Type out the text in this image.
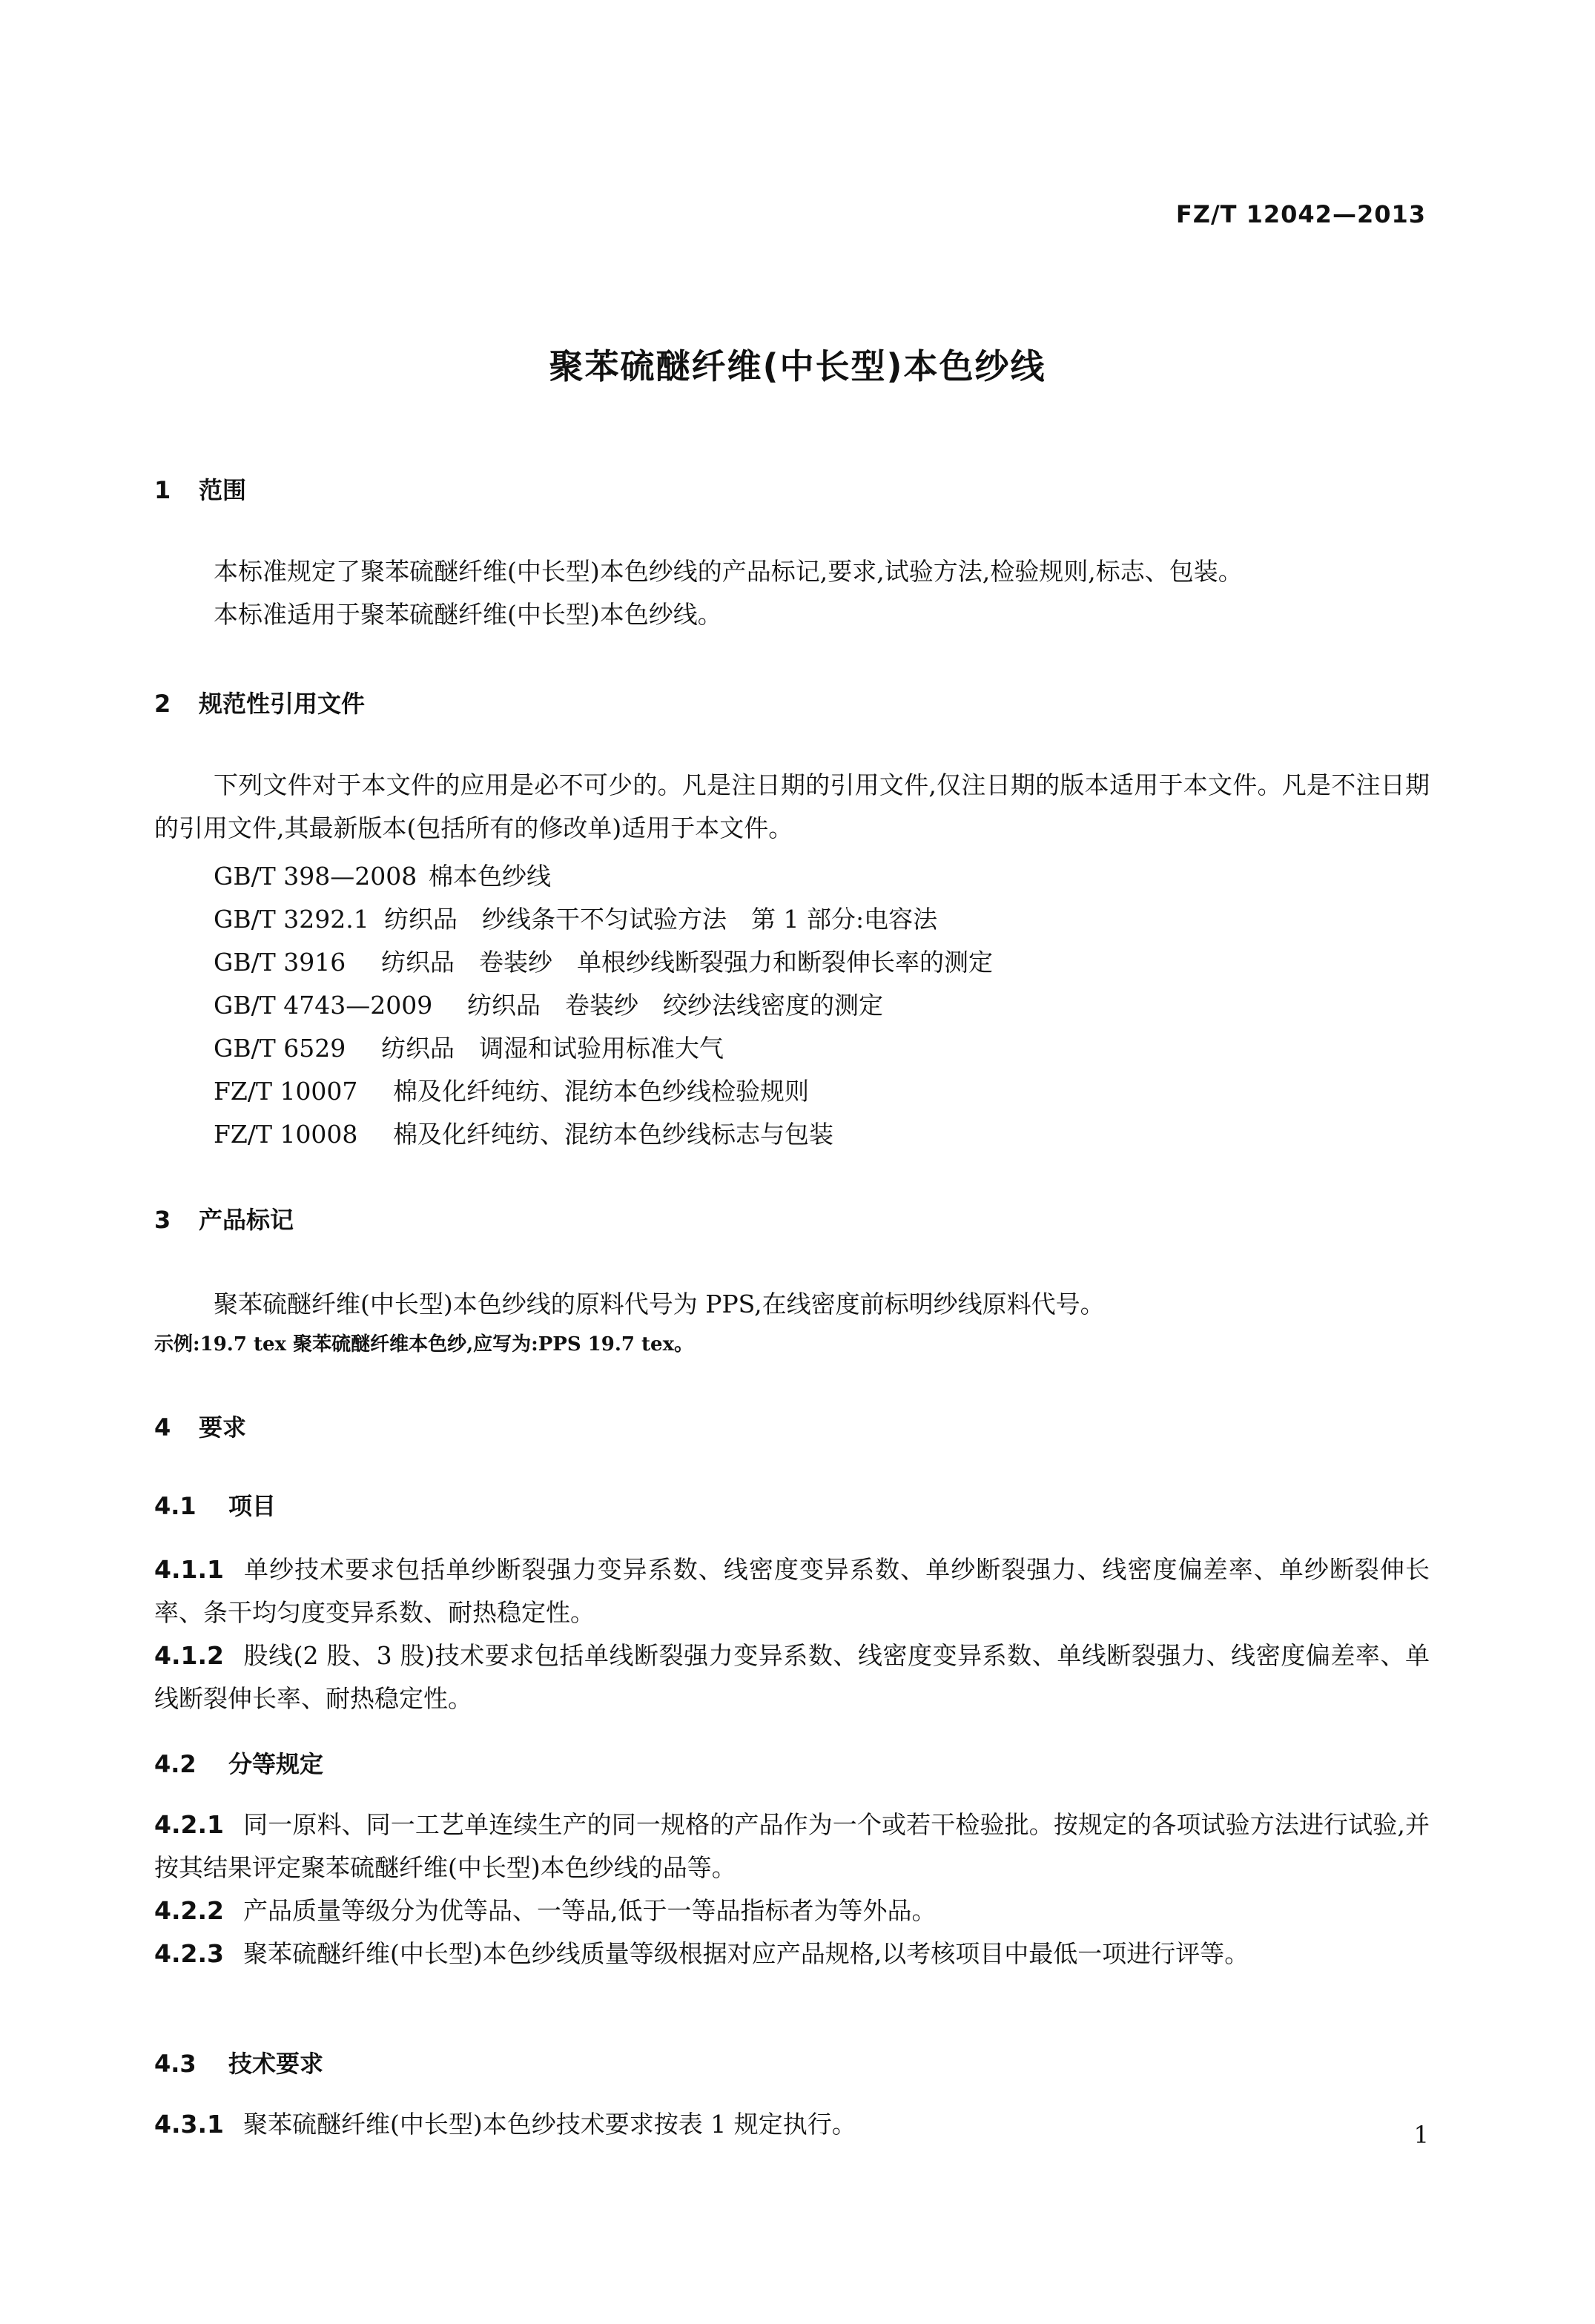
FZ/T 12042—2013
聚苯硫醚纤维(中长型)本色纱线
1 范围
本标准规定了聚苯硫醚纤维(中长型)本色纱线的产品标记,要求,试验方法,检验规则,标志、包装。
本标准适用于聚苯硫醚纤维(中长型)本色纱线。
2 规范性引用文件
下列文件对于本文件的应用是必不可少的。凡是注日期的引用文件,仅注日期的版本适用于本文件。凡是不注日期的引用文件,其最新版本(包括所有的修改单)适用于本文件。
GB/T 398—2008 棉本色纱线
GB/T 3292.1 纺织品　纱线条干不匀试验方法　第 1 部分:电容法
GB/T 3916 纺织品　卷装纱　单根纱线断裂强力和断裂伸长率的测定
GB/T 4743—2009 纺织品　卷装纱　绞纱法线密度的测定
GB/T 6529 纺织品　调湿和试验用标准大气
FZ/T 10007 棉及化纤纯纺、混纺本色纱线检验规则
FZ/T 10008 棉及化纤纯纺、混纺本色纱线标志与包装
3 产品标记
聚苯硫醚纤维(中长型)本色纱线的原料代号为 PPS,在线密度前标明纱线原料代号。
示例:19.7 tex 聚苯硫醚纤维本色纱,应写为:PPS 19.7 tex。
4 要求
4.1 项目
4.1.1 单纱技术要求包括单纱断裂强力变异系数、线密度变异系数、单纱断裂强力、线密度偏差率、单纱断裂伸长率、条干均匀度变异系数、耐热稳定性。
4.1.2 股线(2 股、3 股)技术要求包括单线断裂强力变异系数、线密度变异系数、单线断裂强力、线密度偏差率、单线断裂伸长率、耐热稳定性。
4.2 分等规定
4.2.1 同一原料、同一工艺单连续生产的同一规格的产品作为一个或若干检验批。按规定的各项试验方法进行试验,并按其结果评定聚苯硫醚纤维(中长型)本色纱线的品等。
4.2.2 产品质量等级分为优等品、一等品,低于一等品指标者为等外品。
4.2.3 聚苯硫醚纤维(中长型)本色纱线质量等级根据对应产品规格,以考核项目中最低一项进行评等。
4.3 技术要求
4.3.1 聚苯硫醚纤维(中长型)本色纱技术要求按表 1 规定执行。	1
